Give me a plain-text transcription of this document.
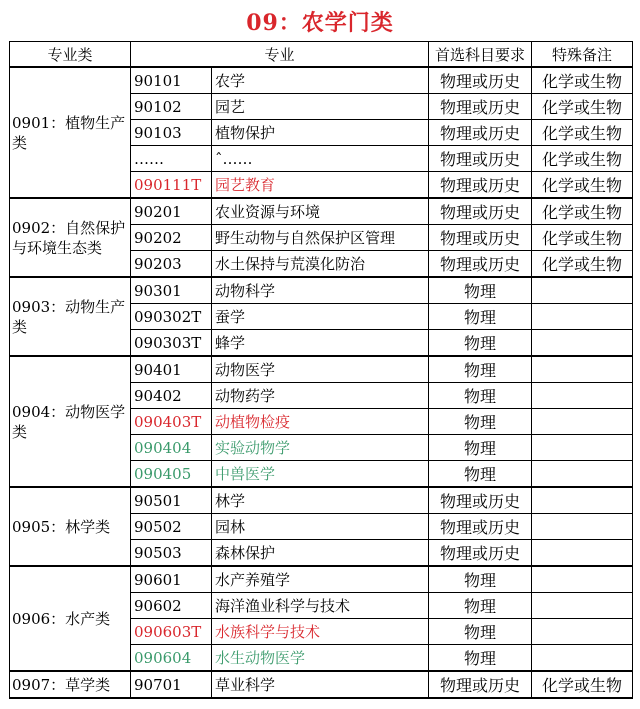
09：农学门类
专业类	专业		首选科目要求	特殊备注
0901：植物生产类	90101	农学	物理或历史	化学或生物
	90102	园艺	物理或历史	化学或生物
	90103	植物保护	物理或历史	化学或生物
	……	ˆ……	物理或历史	化学或生物
	090111T	园艺教育	物理或历史	化学或生物
0902：自然保护与环境生态类	90201	农业资源与环境	物理或历史	化学或生物
	90202	野生动物与自然保护区管理	物理或历史	化学或生物
	90203	水土保持与荒漠化防治	物理或历史	化学或生物
0903：动物生产类	90301	动物科学	物理	
	090302T	蚕学	物理	
	090303T	蜂学	物理	
0904：动物医学类	90401	动物医学	物理	
	90402	动物药学	物理	
	090403T	动植物检疫	物理	
	090404	实验动物学	物理	
	090405	中兽医学	物理	
0905：林学类	90501	林学	物理或历史	
	90502	园林	物理或历史	
	90503	森林保护	物理或历史	
0906：水产类	90601	水产养殖学	物理	
	90602	海洋渔业科学与技术	物理	
	090603T	水族科学与技术	物理	
	090604	水生动物医学	物理	
0907：草学类	90701	草业科学	物理或历史	化学或生物
